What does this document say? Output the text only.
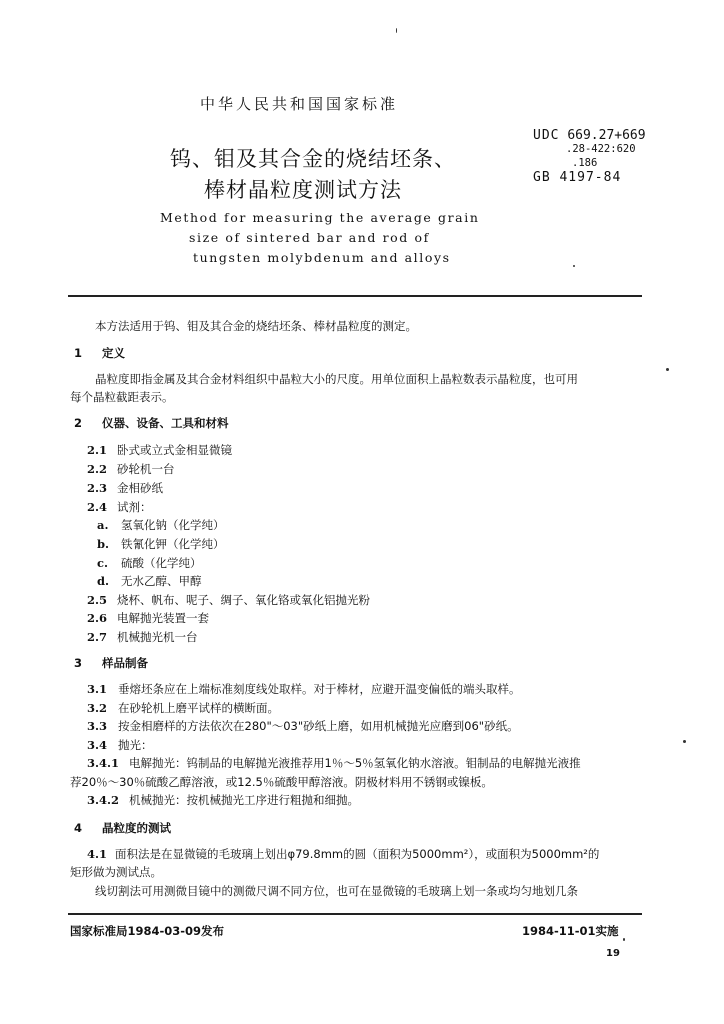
中华人民共和国国家标准
钨、钼及其合金的烧结坯条、
棒材晶粒度测试方法
Method for measuring the average grain
size of sintered bar and rod of
tungsten molybdenum and alloys
UDC 669.27+669
.28-422:620
.186
GB 4197-84
本方法适用于钨、钼及其合金的烧结坯条、棒材晶粒度的测定。
1 定义
晶粒度即指金属及其合金材料组织中晶粒大小的尺度。用单位面积上晶粒数表示晶粒度，也可用
每个晶粒截距表示。
2 仪器、设备、工具和材料
2.1 卧式或立式金相显微镜
2.2 砂轮机一台
2.3 金相砂纸
2.4 试剂：
a. 氢氧化钠（化学纯）
b. 铁氰化钾（化学纯）
c. 硫酸（化学纯）
d. 无水乙醇、甲醇
2.5 烧杯、帆布、呢子、绸子、氧化铬或氧化铝抛光粉
2.6 电解抛光装置一套
2.7 机械抛光机一台
3 样品制备
3.1 垂熔坯条应在上端标准刻度线处取样。对于棒材，应避开温变偏低的端头取样。
3.2 在砂轮机上磨平试样的横断面。
3.3 按金相磨样的方法依次在280"～03"砂纸上磨，如用机械抛光应磨到06"砂纸。
3.4 抛光：
3.4.1 电解抛光：钨制品的电解抛光液推荐用1％～5％氢氧化钠水溶液。钼制品的电解抛光液推
荐20％～30％硫酸乙醇溶液，或12.5％硫酸甲醇溶液。阴极材料用不锈钢或镍板。
3.4.2 机械抛光：按机械抛光工序进行粗抛和细抛。
4 晶粒度的测试
4.1 面积法是在显微镜的毛玻璃上划出φ79.8mm的圆（面积为5000mm²），或面积为5000mm²的
矩形做为测试点。
线切割法可用测微目镜中的测微尺调不同方位，也可在显微镜的毛玻璃上划一条或均匀地划几条
国家标准局1984-03-09发布	1984-11-01实施
19
